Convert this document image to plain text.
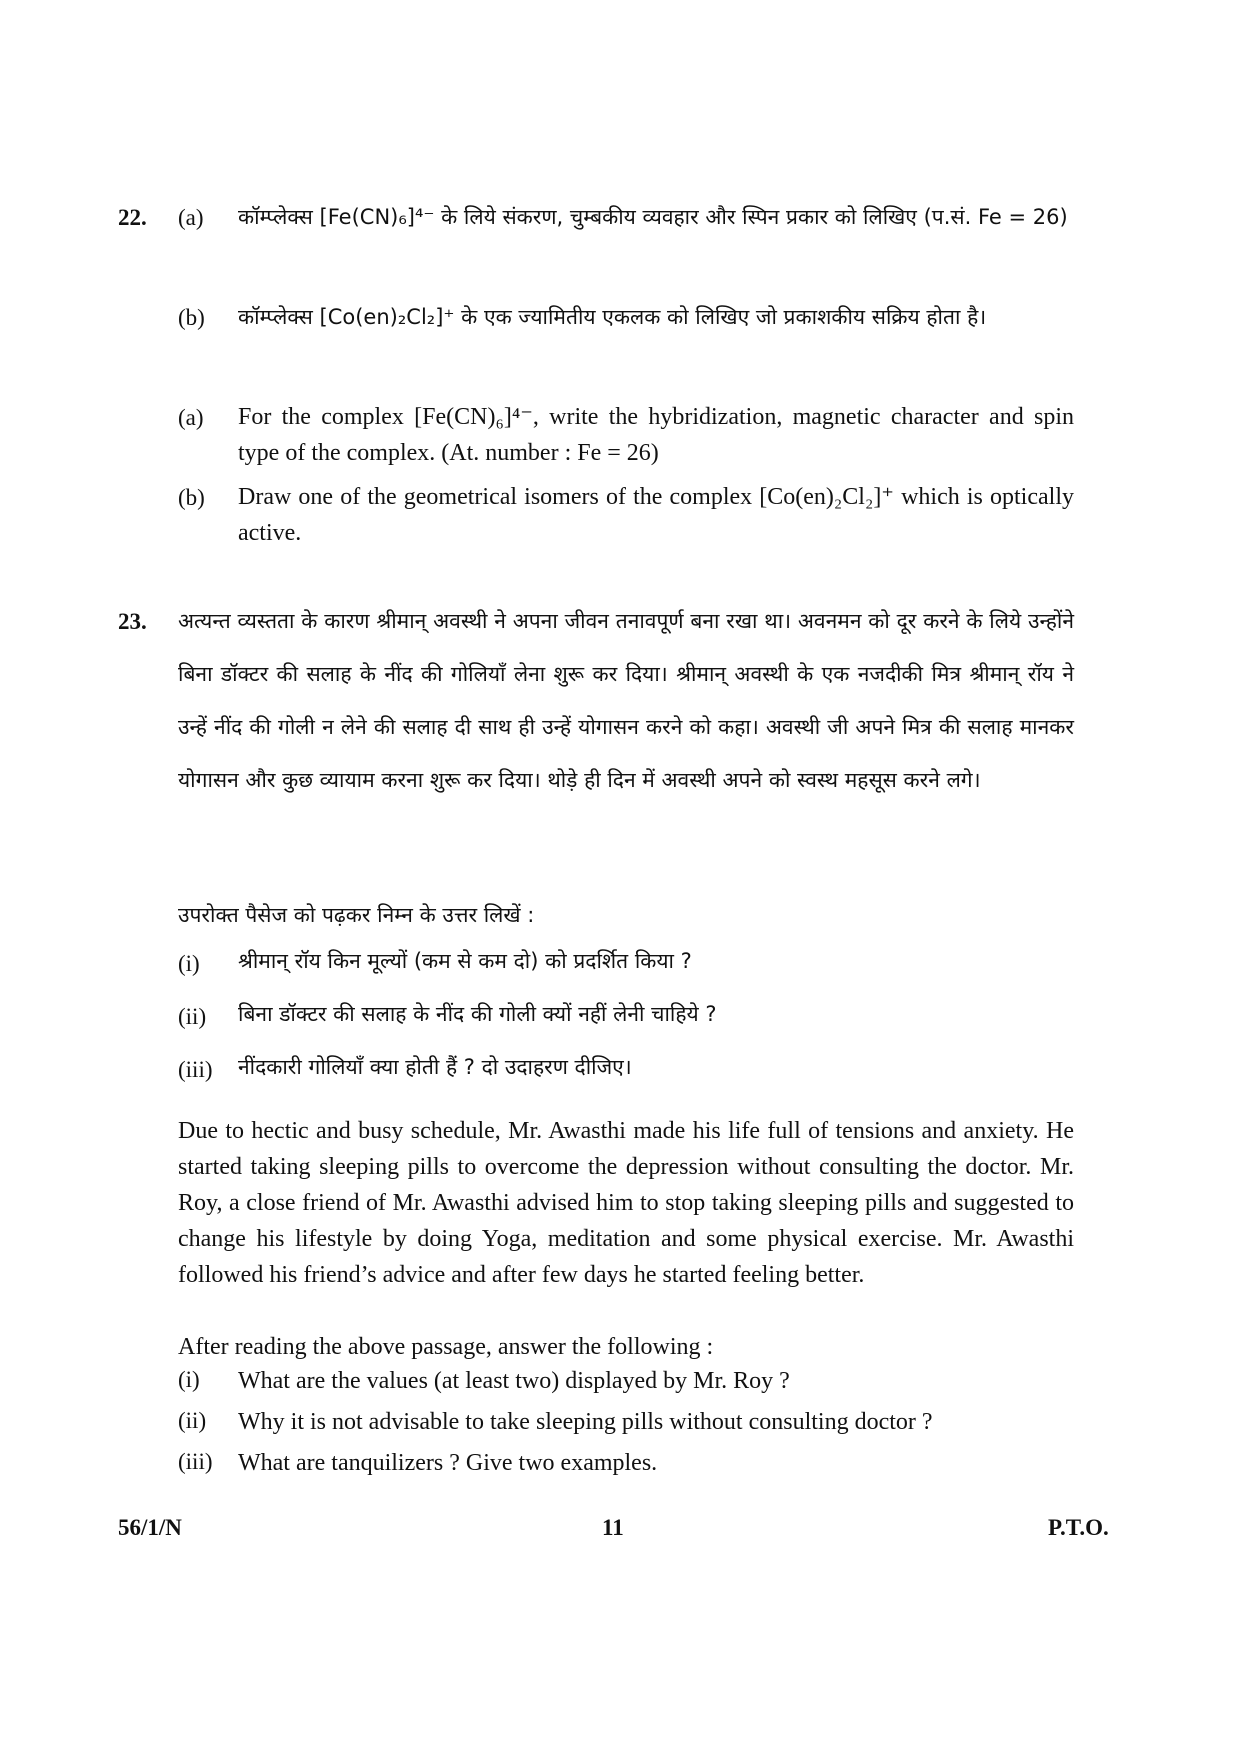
22. (a) कॉम्प्लेक्स [Fe(CN)₆]⁴⁻ के लिये संकरण, चुम्बकीय व्यवहार और स्पिन प्रकार को लिखिए (प.सं. Fe = 26)
(b) कॉम्प्लेक्स [Co(en)₂Cl₂]⁺ के एक ज्यामितीय एकलक को लिखिए जो प्रकाशकीय सक्रिय होता है।
(a) For the complex [Fe(CN)₆]⁴⁻, write the hybridization, magnetic character and spin type of the complex. (At. number : Fe = 26)
(b) Draw one of the geometrical isomers of the complex [Co(en)₂Cl₂]⁺ which is optically active.
23. अत्यन्त व्यस्तता के कारण श्रीमान् अवस्थी ने अपना जीवन तनावपूर्ण बना रखा था। अवनमन को दूर करने के लिये उन्होंने बिना डॉक्टर की सलाह के नींद की गोलियाँ लेना शुरू कर दिया। श्रीमान् अवस्थी के एक नजदीकी मित्र श्रीमान् रॉय ने उन्हें नींद की गोली न लेने की सलाह दी साथ ही उन्हें योगासन करने को कहा। अवस्थी जी अपने मित्र की सलाह मानकर योगासन और कुछ व्यायाम करना शुरू कर दिया। थोड़े ही दिन में अवस्थी अपने को स्वस्थ महसूस करने लगे।
उपरोक्त पैसेज को पढ़कर निम्न के उत्तर लिखें :
(i) श्रीमान् रॉय किन मूल्यों (कम से कम दो) को प्रदर्शित किया ?
(ii) बिना डॉक्टर की सलाह के नींद की गोली क्यों नहीं लेनी चाहिये ?
(iii) नींदकारी गोलियाँ क्या होती हैं ? दो उदाहरण दीजिए।
Due to hectic and busy schedule, Mr. Awasthi made his life full of tensions and anxiety. He started taking sleeping pills to overcome the depression without consulting the doctor. Mr. Roy, a close friend of Mr. Awasthi advised him to stop taking sleeping pills and suggested to change his lifestyle by doing Yoga, meditation and some physical exercise. Mr. Awasthi followed his friend’s advice and after few days he started feeling better.
After reading the above passage, answer the following :
(i) What are the values (at least two) displayed by Mr. Roy ?
(ii) Why it is not advisable to take sleeping pills without consulting doctor ?
(iii) What are tanquilizers ? Give two examples.
56/1/N	11	P.T.O.
